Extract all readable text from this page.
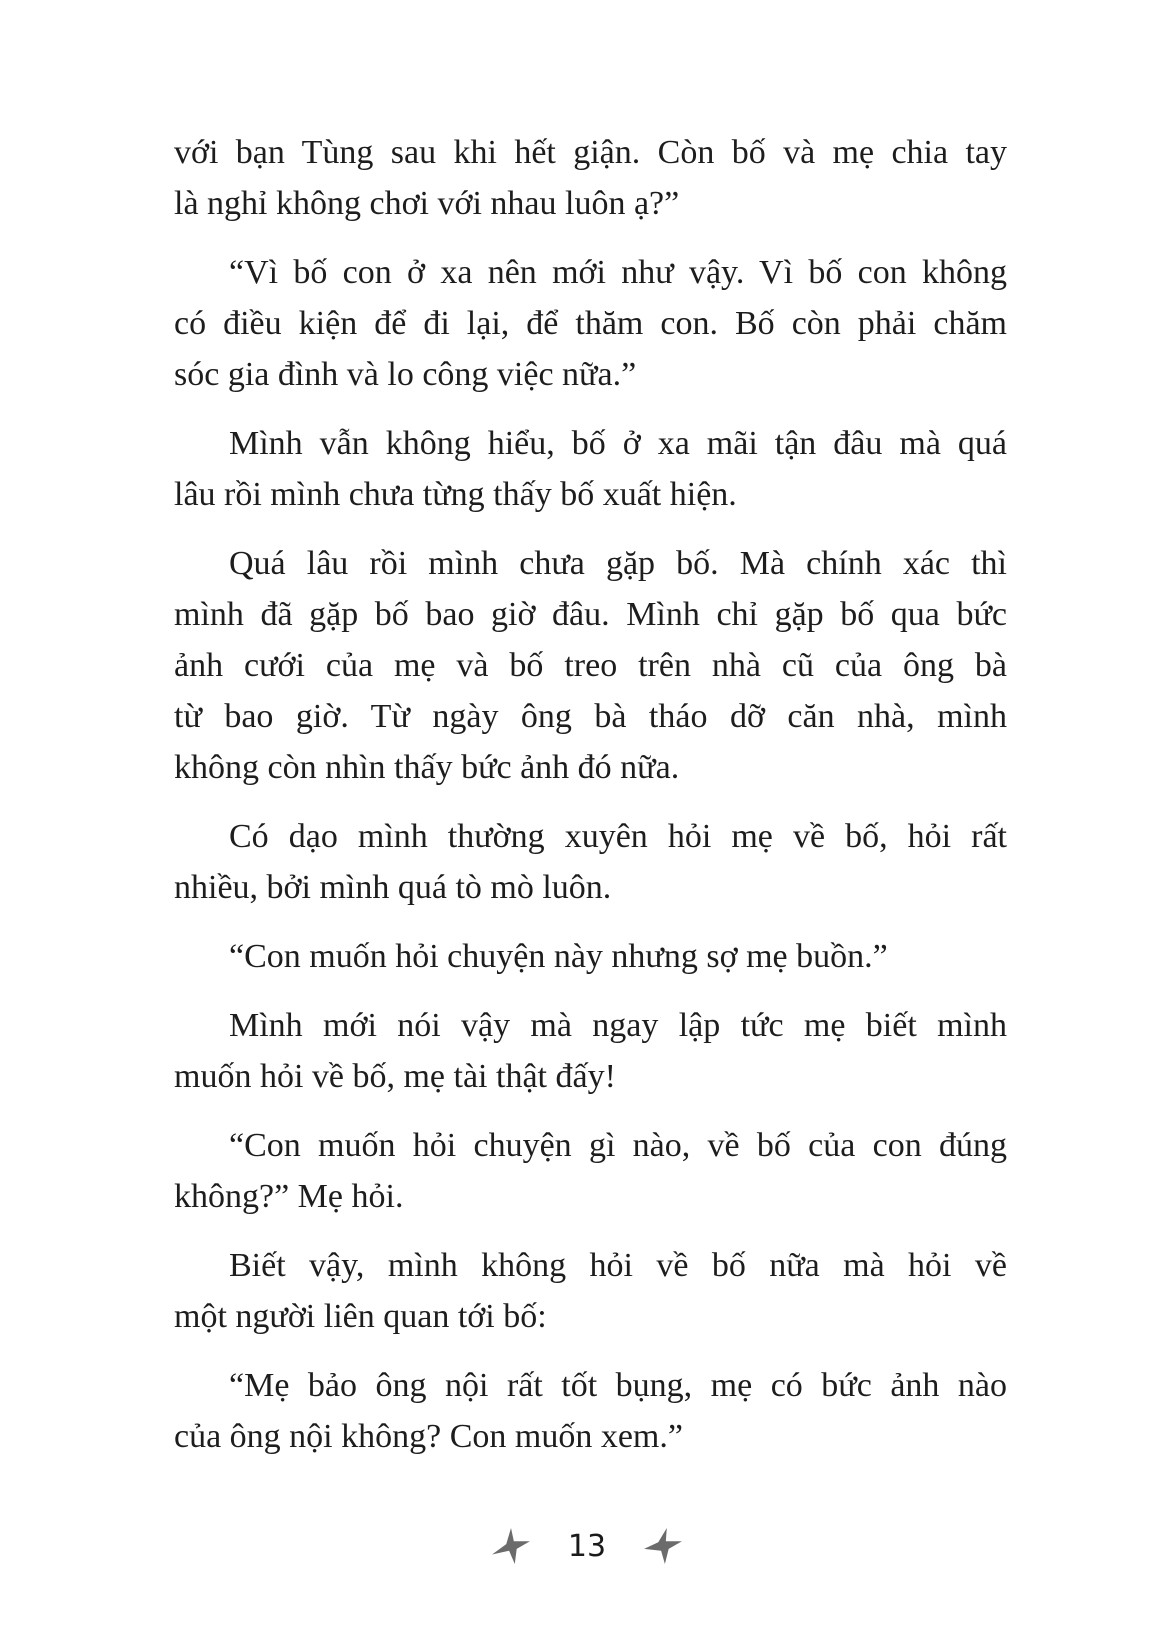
với bạn Tùng sau khi hết giận. Còn bố và mẹ chia tay
là nghỉ không chơi với nhau luôn ạ?”

“Vì bố con ở xa nên mới như vậy. Vì bố con không
có điều kiện để đi lại, để thăm con. Bố còn phải chăm
sóc gia đình và lo công việc nữa.”

Mình vẫn không hiểu, bố ở xa mãi tận đâu mà quá
lâu rồi mình chưa từng thấy bố xuất hiện.

Quá lâu rồi mình chưa gặp bố. Mà chính xác thì
mình đã gặp bố bao giờ đâu. Mình chỉ gặp bố qua bức
ảnh cưới của mẹ và bố treo trên nhà cũ của ông bà
từ bao giờ. Từ ngày ông bà tháo dỡ căn nhà, mình
không còn nhìn thấy bức ảnh đó nữa.

Có dạo mình thường xuyên hỏi mẹ về bố, hỏi rất
nhiều, bởi mình quá tò mò luôn.

“Con muốn hỏi chuyện này nhưng sợ mẹ buồn.”

Mình mới nói vậy mà ngay lập tức mẹ biết mình
muốn hỏi về bố, mẹ tài thật đấy!

“Con muốn hỏi chuyện gì nào, về bố của con đúng
không?” Mẹ hỏi.

Biết vậy, mình không hỏi về bố nữa mà hỏi về
một người liên quan tới bố:

“Mẹ bảo ông nội rất tốt bụng, mẹ có bức ảnh nào
của ông nội không? Con muốn xem.”

13
